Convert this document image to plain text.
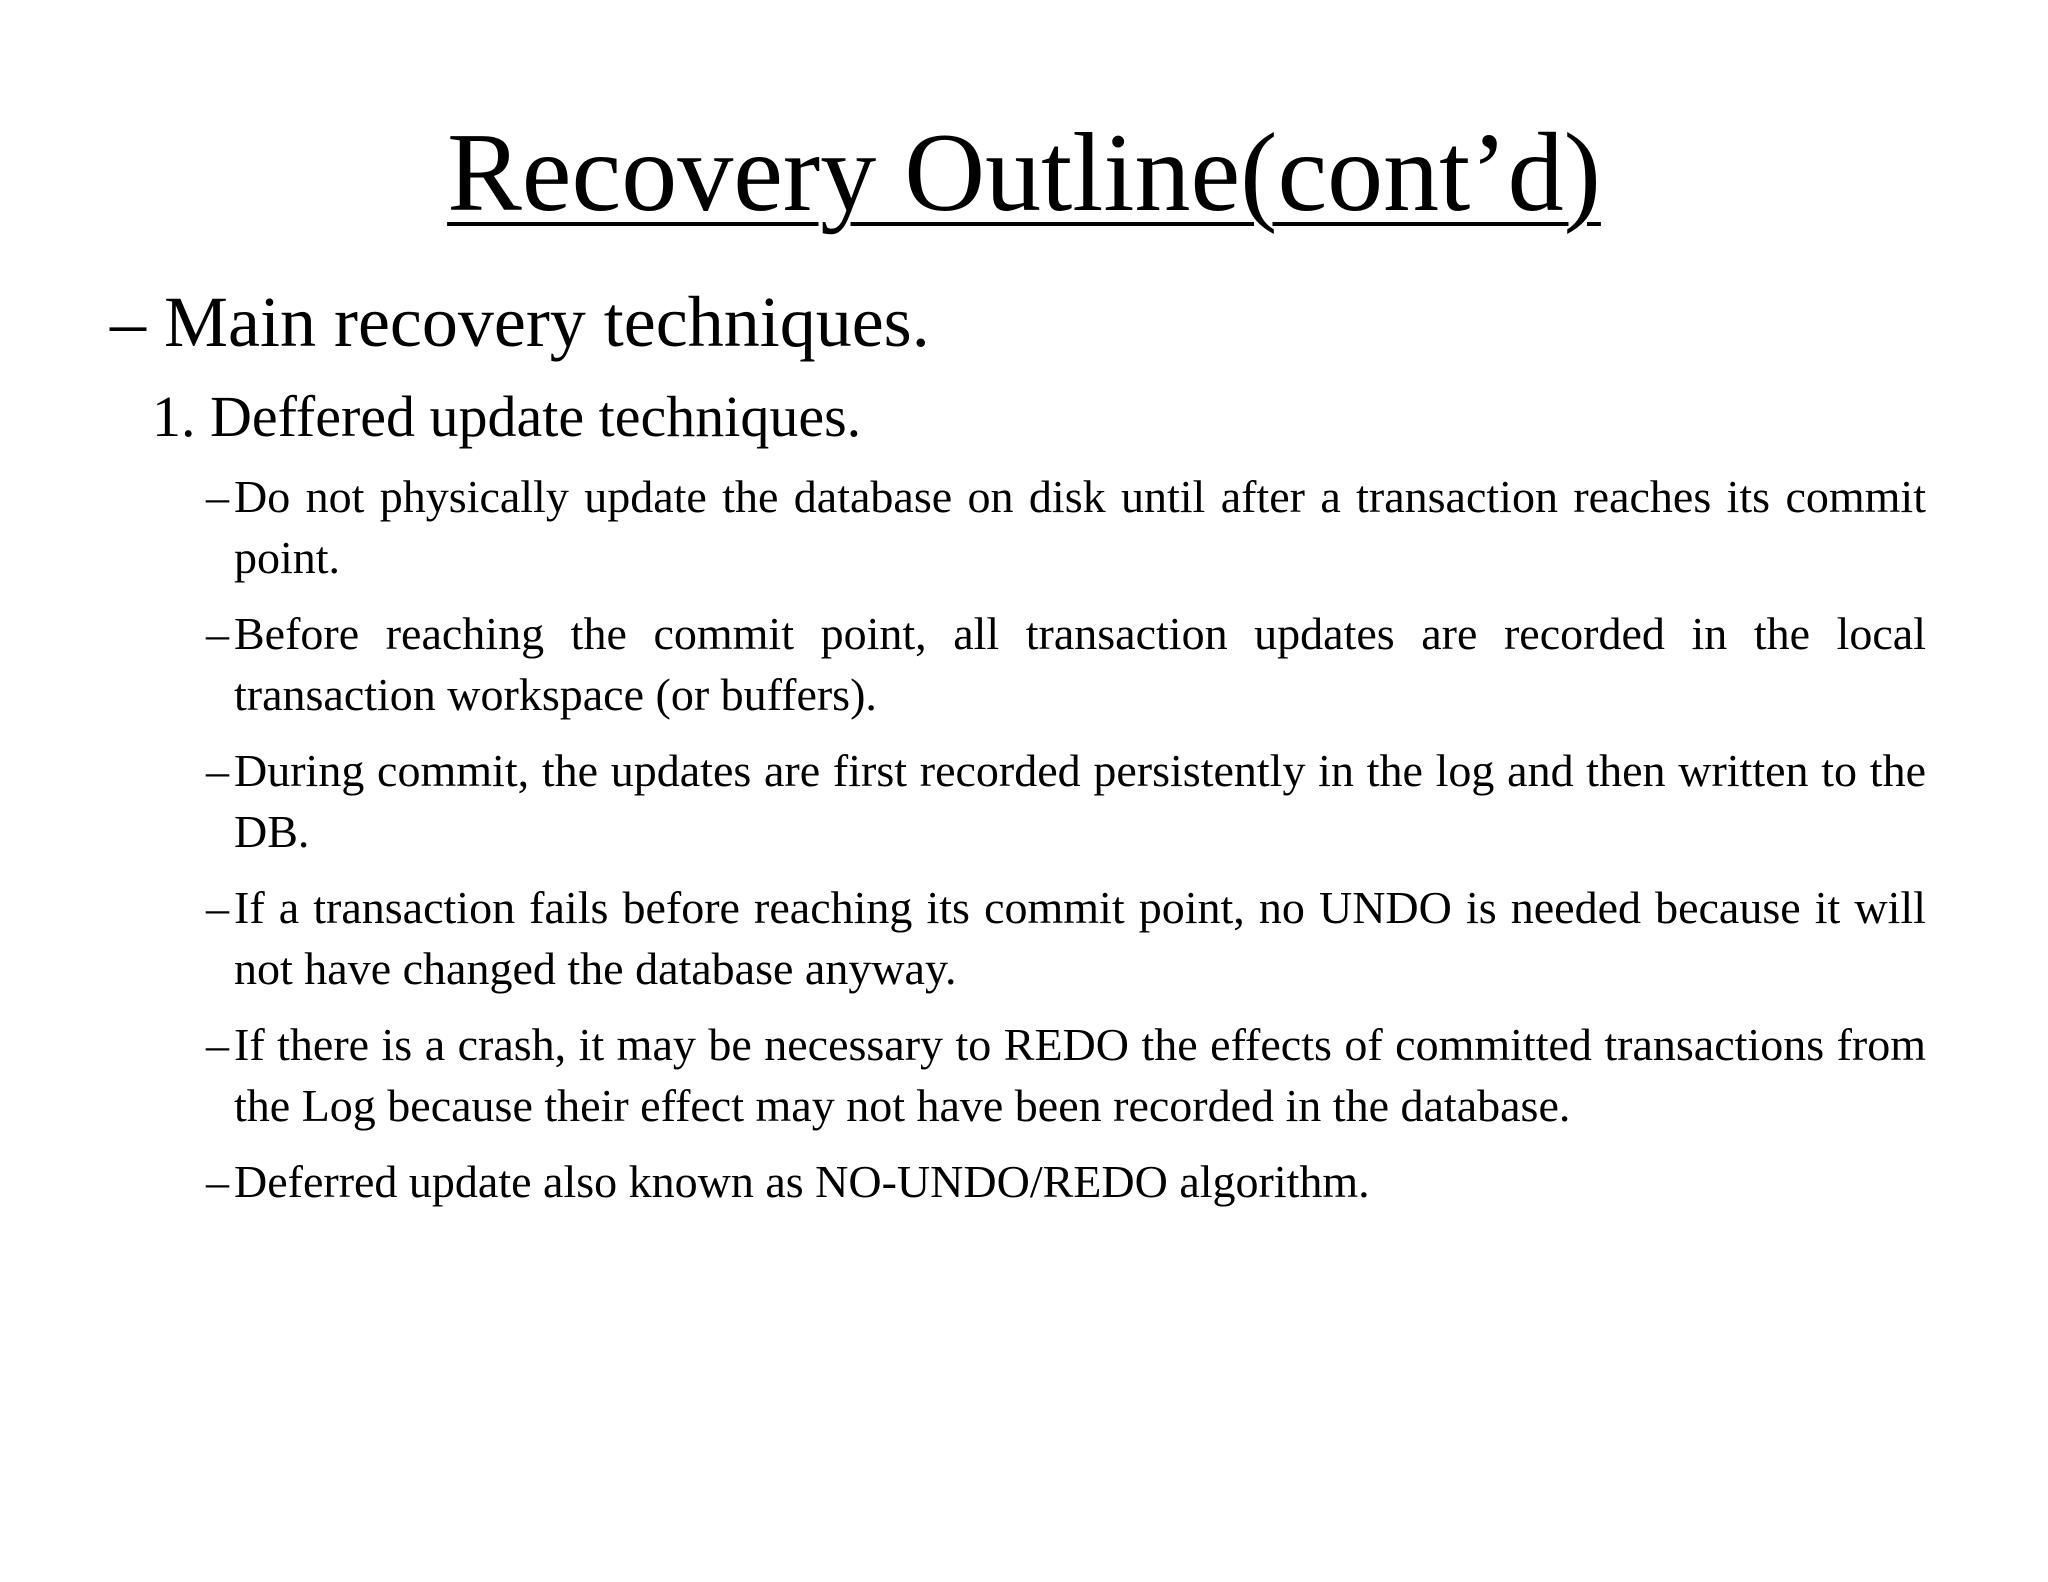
Recovery Outline(cont’d)
– Main recovery techniques.
1. Deffered update techniques.
– Do not physically update the database on disk until after a transaction reaches its commit point.
– Before reaching the commit point, all transaction updates are recorded in the local transaction workspace (or buffers).
– During commit, the updates are first recorded persistently in the log and then written to the DB.
– If a transaction fails before reaching its commit point, no UNDO is needed because it will not have changed the database anyway.
– If there is a crash, it may be necessary to REDO the effects of committed transactions from the Log because their effect may not have been recorded in the database.
– Deferred update also known as NO-UNDO/REDO algorithm.
